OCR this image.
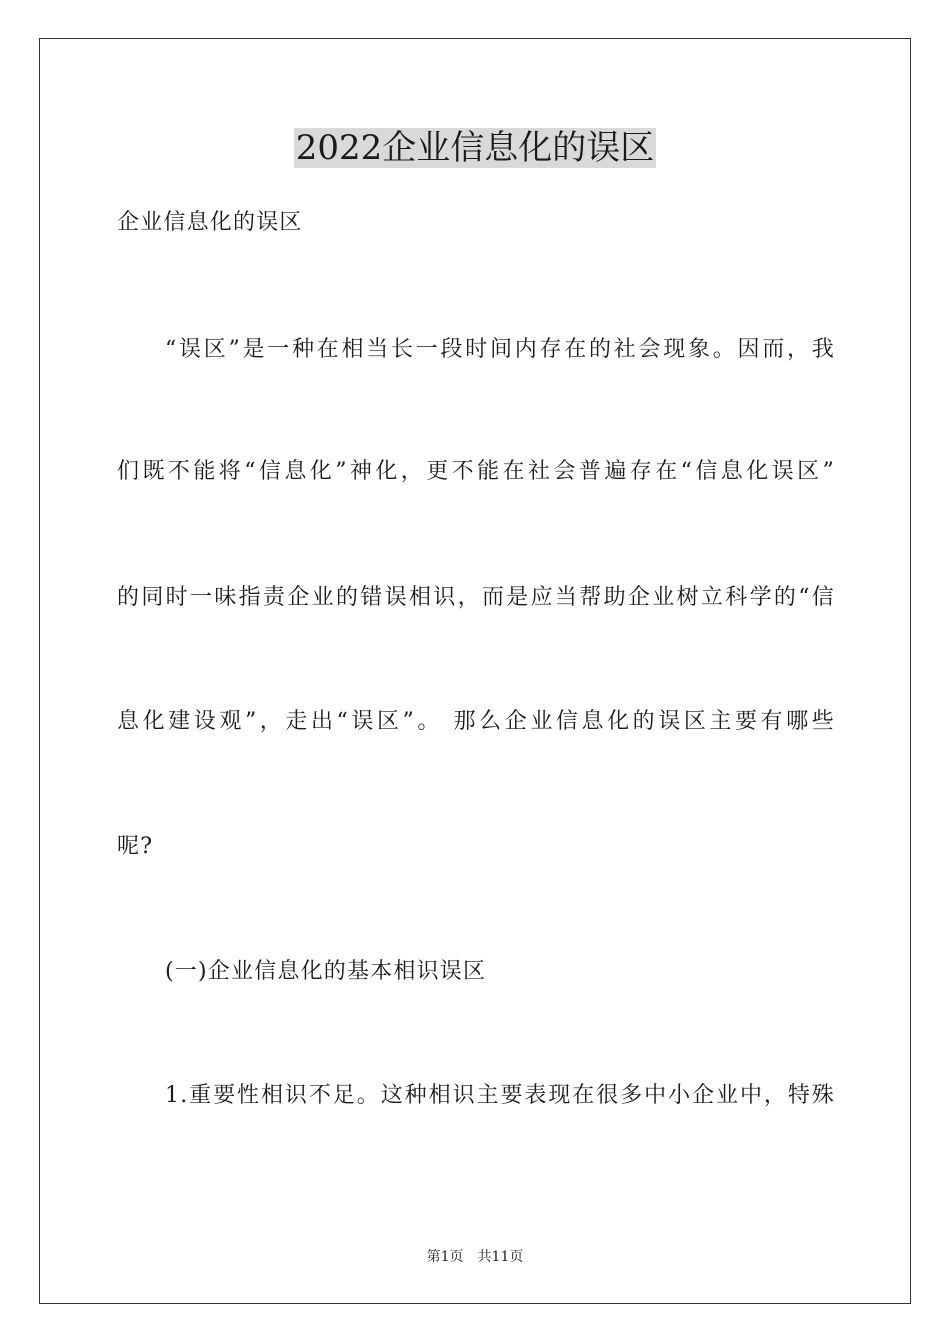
2022企业信息化的误区

企业信息化的误区

“误区”是一种在相当长一段时间内存在的社会现象。因而，我

们既不能将“信息化”神化，更不能在社会普遍存在“信息化误区”

的同时一味指责企业的错误相识，而是应当帮助企业树立科学的“信

息化建设观”，走出“误区”。 那么企业信息化的误区主要有哪些

呢?

(一)企业信息化的基本相识误区

1.重要性相识不足。这种相识主要表现在很多中小企业中，特殊

第1页 共11页
